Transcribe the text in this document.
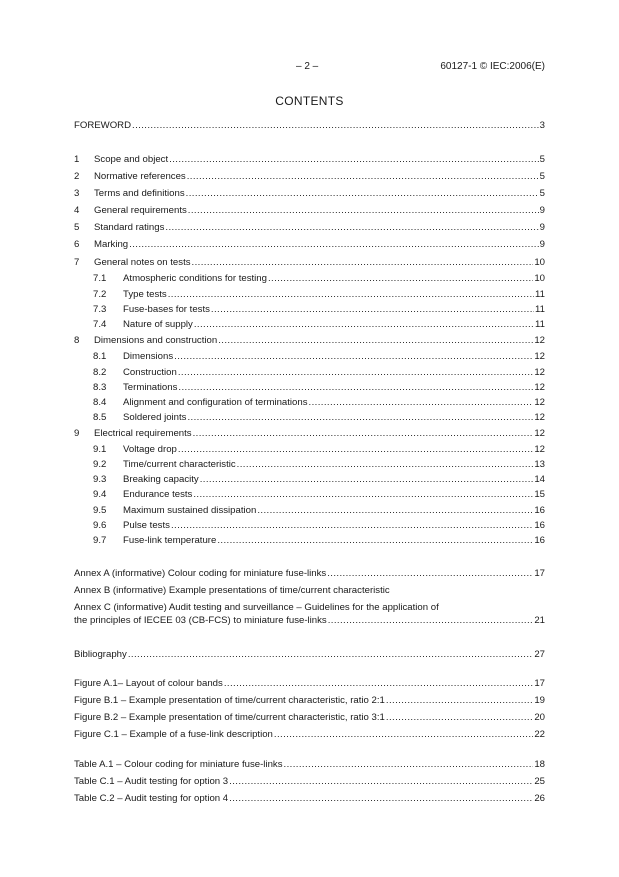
– 2 –	60127-1 © IEC:2006(E)
CONTENTS
FOREWORD .....	3
1	Scope and object .....	5
2	Normative references .....	5
3	Terms and definitions .....	5
4	General requirements .....	9
5	Standard ratings .....	9
6	Marking .....	9
7	General notes on tests .....	10
7.1	Atmospheric conditions for testing .....	10
7.2	Type tests .....	11
7.3	Fuse-bases for tests .....	11
7.4	Nature of supply .....	11
8	Dimensions and construction .....	12
8.1	Dimensions .....	12
8.2	Construction .....	12
8.3	Terminations .....	12
8.4	Alignment and configuration of terminations .....	12
8.5	Soldered joints .....	12
9	Electrical requirements .....	12
9.1	Voltage drop .....	12
9.2	Time/current characteristic .....	13
9.3	Breaking capacity .....	14
9.4	Endurance tests .....	15
9.5	Maximum sustained dissipation .....	16
9.6	Pulse tests .....	16
9.7	Fuse-link temperature .....	16
Annex A (informative) Colour coding for miniature fuse-links .....	17
Annex B (informative) Example presentations of time/current characteristic
Annex C (informative) Audit testing and surveillance – Guidelines for the application of
the principles of IECEE 03 (CB-FCS) to miniature fuse-links .....	21
Bibliography .....	27
Figure A.1– Layout of colour bands .....	17
Figure B.1 – Example presentation of time/current characteristic, ratio 2:1 .....	19
Figure B.2 – Example presentation of time/current characteristic, ratio 3:1 .....	20
Figure C.1 – Example of a fuse-link description .....	22
Table A.1 – Colour coding for miniature fuse-links .....	18
Table C.1 – Audit testing for option 3 .....	25
Table C.2 – Audit testing for option 4 .....	26
